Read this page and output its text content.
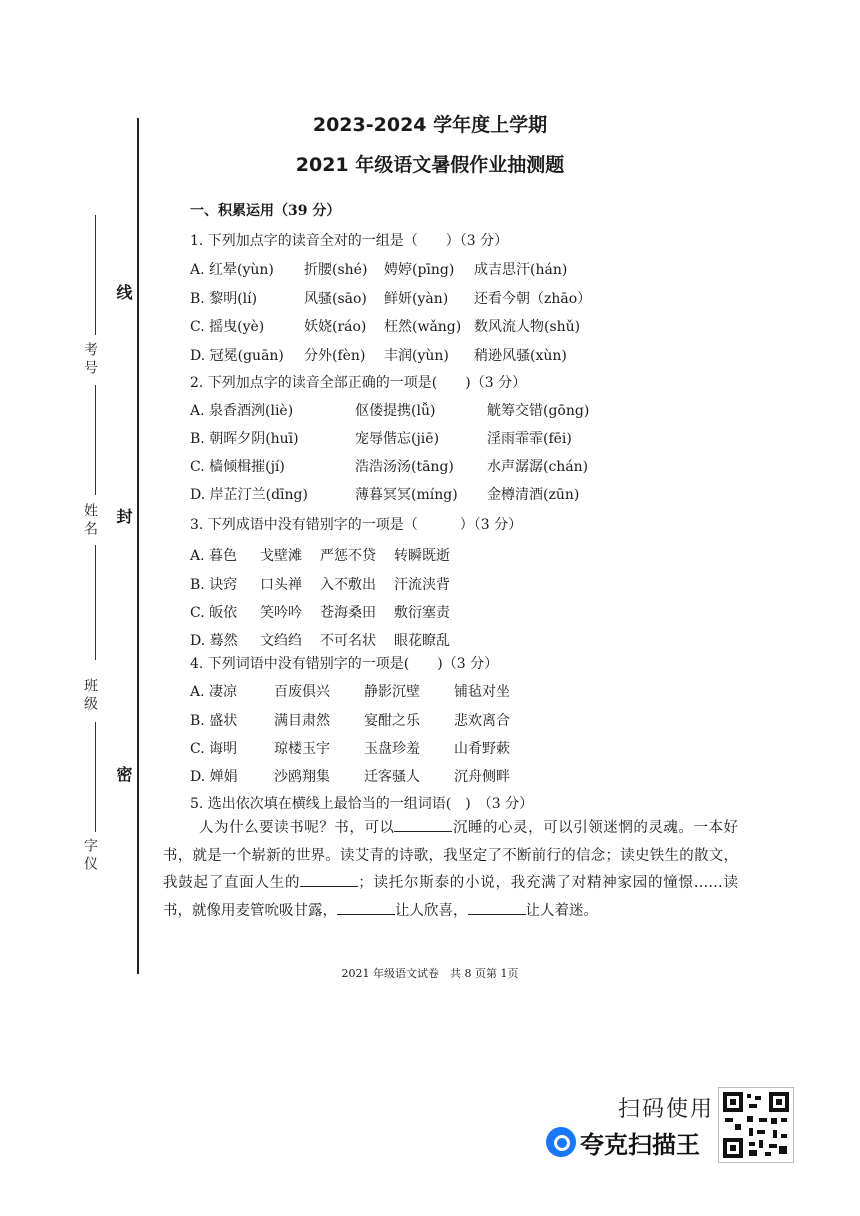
考号
姓名
班级
字仪
线
封
密
2023-2024 学年度上学期
2021 年级语文暑假作业抽测题
一、积累运用（39 分）
1. 下列加点字的读音全对的一组是（　　）（3 分）
A. 红晕(yùn) 折腰(shé) 娉婷(pīng) 成吉思汗(hán)
B. 黎明(lí)	风骚(sāo) 鲜妍(yàn) 还看今朝（zhāo）
C. 摇曳(yè)	妖娆(ráo) 枉然(wǎng) 数风流人物(shǔ)
D. 冠冕(guān) 分外(fèn) 丰润(yùn) 稍逊风骚(xùn)
2. 下列加点字的读音全部正确的一项是(　　)（3 分）
A. 泉香酒洌(liè)	伛偻提携(lǚ)	觥筹交错(gōng)
B. 朝晖夕阴(huī)	宠辱偕忘(jiē)	淫雨霏霏(fēi)
C. 樯倾楫摧(jí)	浩浩汤汤(tāng) 水声潺潺(chán)
D. 岸芷汀兰(dīng)	薄暮冥冥(míng) 金樽清酒(zūn)
3. 下列成语中没有错别字的一项是（　　　）（3 分）
A. 暮色 戈壁滩 严惩不贷 转瞬既逝
B. 诀窍 口头禅 入不敷出 汗流浃背
C. 皈依 笑吟吟 苍海桑田 敷衍塞责
D. 蓦然 文绉绉 不可名状 眼花瞭乱
4. 下列词语中没有错别字的一项是(　　)（3 分）
A. 凄凉	百废俱兴 静影沉壁 铺毡对坐
B. 盛状	满目肃然 宴酣之乐 悲欢离合
C. 诲明	琼楼玉宇 玉盘珍羞 山肴野蔌
D. 婵娟	沙鸥翔集 迁客骚人 沉舟侧畔
5. 选出依次填在横线上最恰当的一组词语(　)　（3 分）
人为什么要读书呢？书，可以	沉睡的心灵，可以引领迷惘的灵魂。一本好书，就是一个崭新的世界。读艾青的诗歌，我坚定了不断前行的信念；读史铁生的散文，我鼓起了直面人生的	；读托尔斯泰的小说，我充满了对精神家园的憧憬……读书，就像用麦管吮吸甘露，	让人欣喜，	让人着迷。
2021 年级语文试卷　共 8 页第 1页
扫码使用
夸克扫描王
